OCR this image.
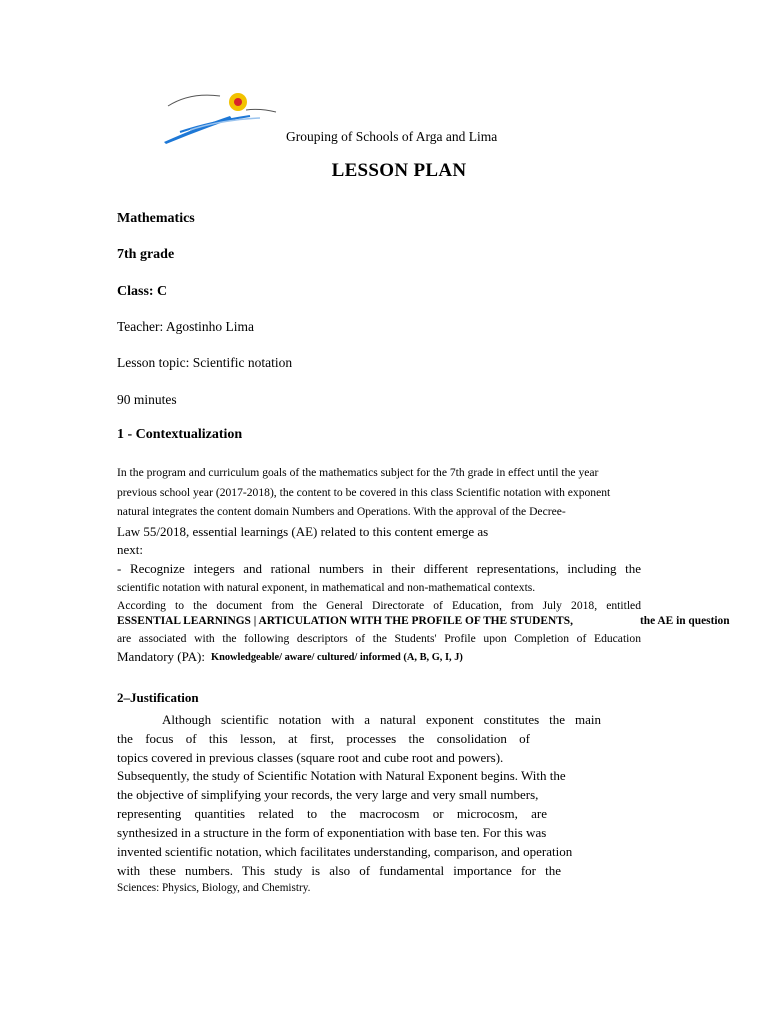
Grouping of Schools of Arga and Lima
LESSON PLAN
Mathematics
7th grade
Class: C
Teacher: Agostinho Lima
Lesson topic: Scientific notation
90 minutes
1 - Contextualization
In the program and curriculum goals of the mathematics subject for the 7th grade in effect until the year
previous school year (2017-2018), the content to be covered in this class Scientific notation with exponent
natural integrates the content domain Numbers and Operations. With the approval of the Decree-
Law 55/2018, essential learnings (AE) related to this content emerge as
next:
- Recognize integers and rational numbers in their different representations, including the
scientific notation with natural exponent, in mathematical and non-mathematical contexts.
According to the document from the General Directorate of Education, from July 2018, entitled
ESSENTIAL LEARNINGS | ARTICULATION WITH THE PROFILE OF THE STUDENTS,	the AE in question
are associated with the following descriptors of the Students' Profile upon Completion of Education
Mandatory (PA): Knowledgeable/ aware/ cultured/ informed (A, B, G, I, J)
2–Justification
Although scientific notation with a natural exponent constitutes the main
the focus of this lesson, at first, processes the consolidation of
topics covered in previous classes (square root and cube root and powers).
Subsequently, the study of Scientific Notation with Natural Exponent begins. With the
the objective of simplifying your records, the very large and very small numbers,
representing quantities related to the macrocosm or microcosm, are
synthesized in a structure in the form of exponentiation with base ten. For this was
invented scientific notation, which facilitates understanding, comparison, and operation
with these numbers. This study is also of fundamental importance for the
Sciences: Physics, Biology, and Chemistry.
